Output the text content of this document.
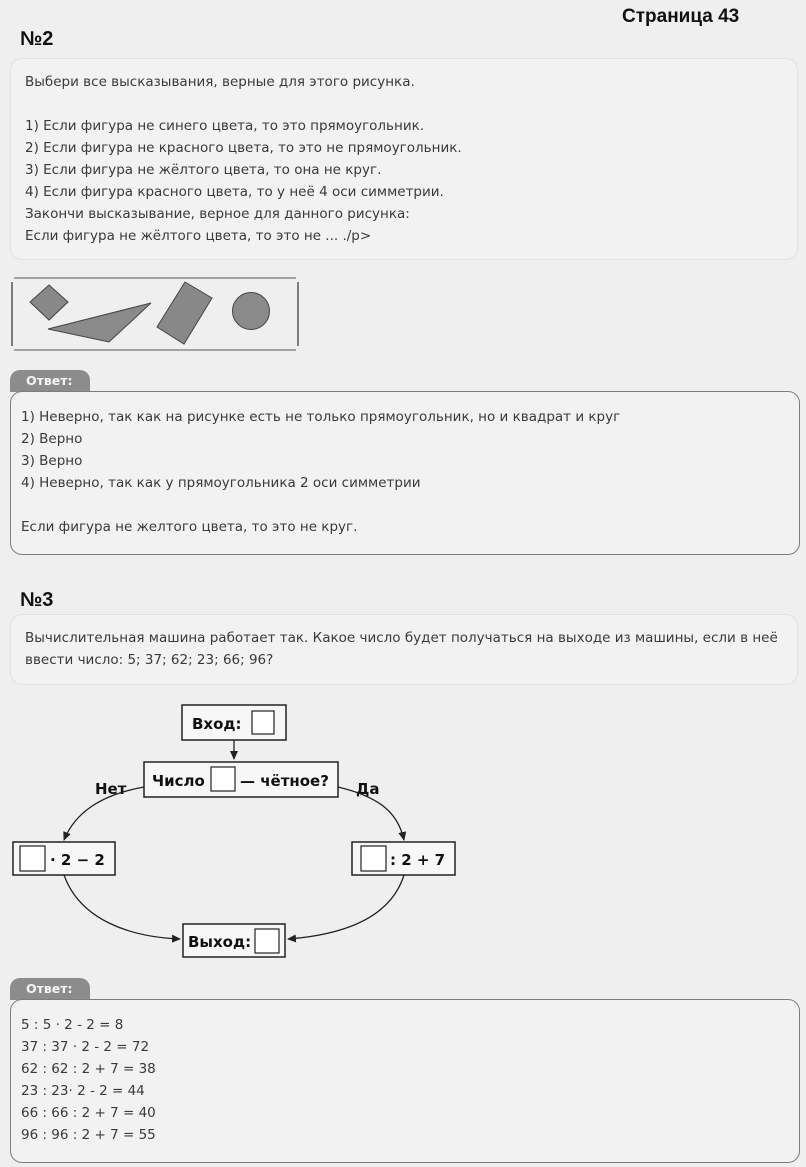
Страница 43
№2

Выбери все высказывания, верные для этого рисунка.

1) Если фигура не синего цвета, то это прямоугольник.

2) Если фигура не красного цвета, то это не прямоугольник.

3) Если фигура не жёлтого цвета, то она не круг.

4) Если фигура красного цвета, то у неё 4 оси симметрии.

Закончи высказывание, верное для данного рисунка:

Если фигура не жёлтого цвета, то это не ... ./p>

Ответ:

1) Неверно, так как на рисунке есть не только прямоугольник, но и квадрат и круг

2) Верно

3) Верно

4) Неверно, так как у прямоугольника 2 оси симметрии

Если фигура не желтого цвета, то это не круг.

№3

Вычислительная машина работает так. Какое число будет получаться на выходе из машины, если в неё ввести число: 5; 37; 62; 23; 66; 96?

Вход:
Число — чётное?
Нет	Да
· 2 − 2	: 2 + 7
Выход:
Ответ:

5 : 5 · 2 - 2 = 8

37 : 37 · 2 - 2 = 72

62 : 62 : 2 + 7 = 38

23 : 23· 2 - 2 = 44

66 : 66 : 2 + 7 = 40

96 : 96 : 2 + 7 = 55
